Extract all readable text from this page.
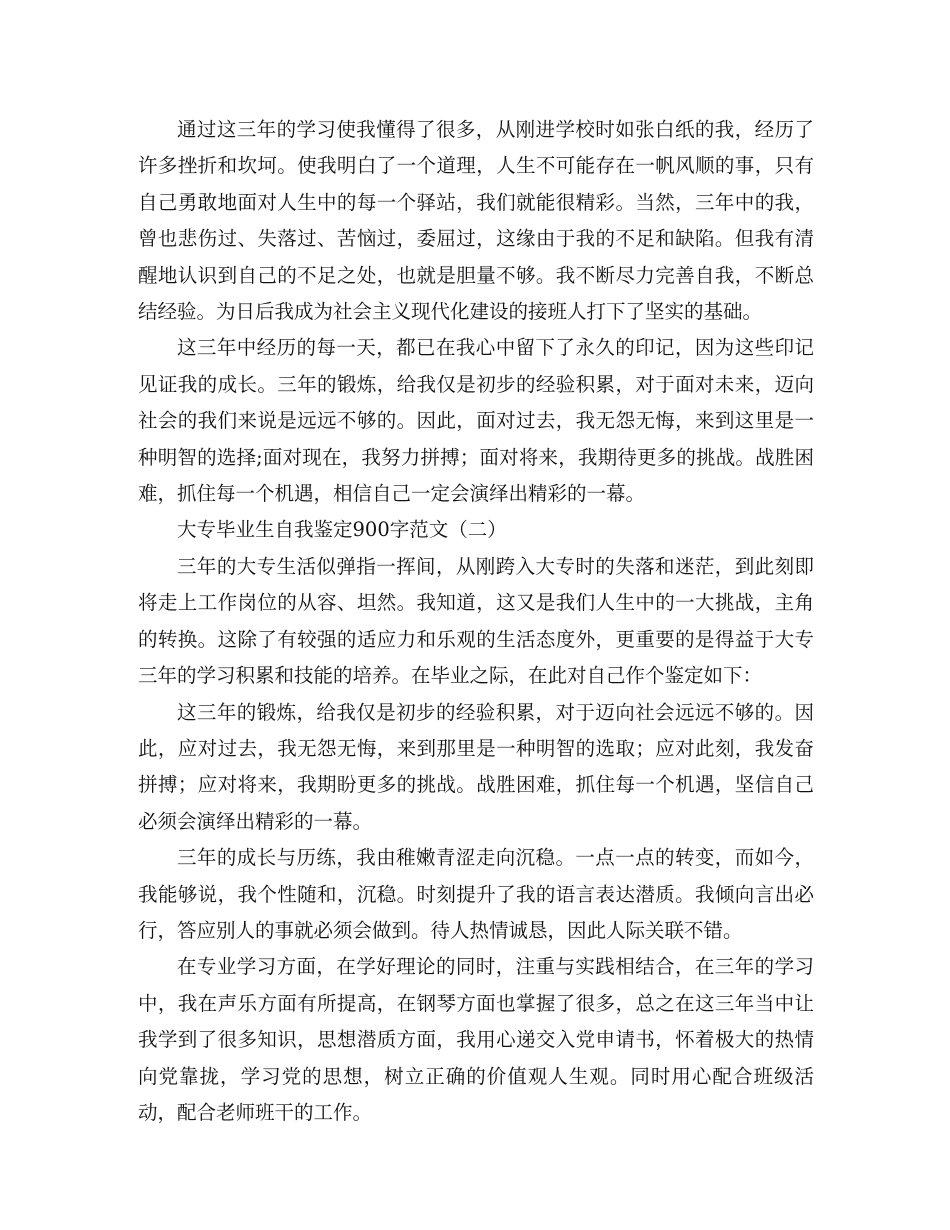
通过这三年的学习使我懂得了很多，从刚进学校时如张白纸的我，经历了许多挫折和坎坷。使我明白了一个道理，人生不可能存在一帆风顺的事，只有自己勇敢地面对人生中的每一个驿站，我们就能很精彩。当然，三年中的我，曾也悲伤过、失落过、苦恼过，委屈过，这缘由于我的不足和缺陷。但我有清醒地认识到自己的不足之处，也就是胆量不够。我不断尽力完善自我，不断总结经验。为日后我成为社会主义现代化建设的接班人打下了坚实的基础。

这三年中经历的每一天，都已在我心中留下了永久的印记，因为这些印记见证我的成长。三年的锻炼，给我仅是初步的经验积累，对于面对未来，迈向社会的我们来说是远远不够的。因此，面对过去，我无怨无悔，来到这里是一种明智的选择;面对现在，我努力拼搏；面对将来，我期待更多的挑战。战胜困难，抓住每一个机遇，相信自己一定会演绎出精彩的一幕。

大专毕业生自我鉴定900字范文（二）

三年的大专生活似弹指一挥间，从刚跨入大专时的失落和迷茫，到此刻即将走上工作岗位的从容、坦然。我知道，这又是我们人生中的一大挑战，主角的转换。这除了有较强的适应力和乐观的生活态度外，更重要的是得益于大专三年的学习积累和技能的培养。在毕业之际，在此对自己作个鉴定如下：

这三年的锻炼，给我仅是初步的经验积累，对于迈向社会远远不够的。因此，应对过去，我无怨无悔，来到那里是一种明智的选取；应对此刻，我发奋拼搏；应对将来，我期盼更多的挑战。战胜困难，抓住每一个机遇，坚信自己必须会演绎出精彩的一幕。

三年的成长与历练，我由稚嫩青涩走向沉稳。一点一点的转变，而如今，我能够说，我个性随和，沉稳。时刻提升了我的语言表达潜质。我倾向言出必行，答应别人的事就必须会做到。待人热情诚恳，因此人际关联不错。

在专业学习方面，在学好理论的同时，注重与实践相结合，在三年的学习中，我在声乐方面有所提高，在钢琴方面也掌握了很多，总之在这三年当中让我学到了很多知识，思想潜质方面，我用心递交入党申请书，怀着极大的热情向党靠拢，学习党的思想，树立正确的价值观人生观。同时用心配合班级活动，配合老师班干的工作。
